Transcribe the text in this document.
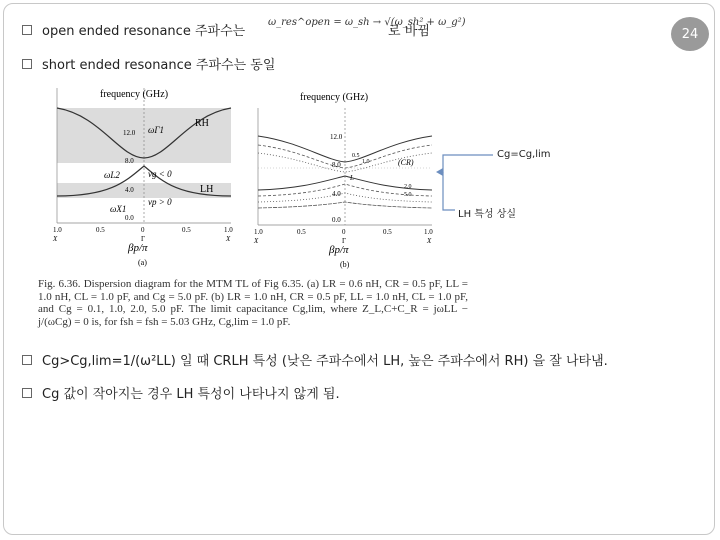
24
open ended resonance 주파수는
ω_res^open = ω_sh → √(ω_sh² + ω_g²)
로 바뀜
short ended resonance 주파수는 동일
frequency (GHz)
RH
LH
ωΓ1
ωL2
ωX1
vg < 0
vp > 0
12.0
8.0
4.0
0.0
1.0	0.5	0	0.5	1.0
X	Γ	X
βp/π
(a)
frequency (GHz)
(CR)
0.5
1.0
2.0
5.0
L
12.0
8.0
4.0
0.0
1.0	0.5	0	0.5	1.0
X	Γ	X
βp/π
(b)
Cg=Cg,lim
LH 특성 상실
Fig. 6.36. Dispersion diagram for the MTM TL of Fig 6.35. (a) LR = 0.6 nH, CR = 0.5 pF, LL = 1.0 nH, CL = 1.0 pF, and Cg = 5.0 pF. (b) LR = 1.0 nH, CR = 0.5 pF, LL = 1.0 nH, CL = 1.0 pF, and Cg = 0.1, 1.0, 2.0, 5.0 pF. The limit capacitance Cg,lim, where Z_L,C+C_R = jωLL − j/(ωCg) = 0 is, for fsh = fsh = 5.03 GHz, Cg,lim = 1.0 pF.
Cg>Cg,lim=1/(ω²LL) 일 때 CRLH 특성 (낮은 주파수에서 LH, 높은 주파수에서 RH) 을 잘 나타냄.
Cg 값이 작아지는 경우 LH 특성이 나타나지 않게 됨.
